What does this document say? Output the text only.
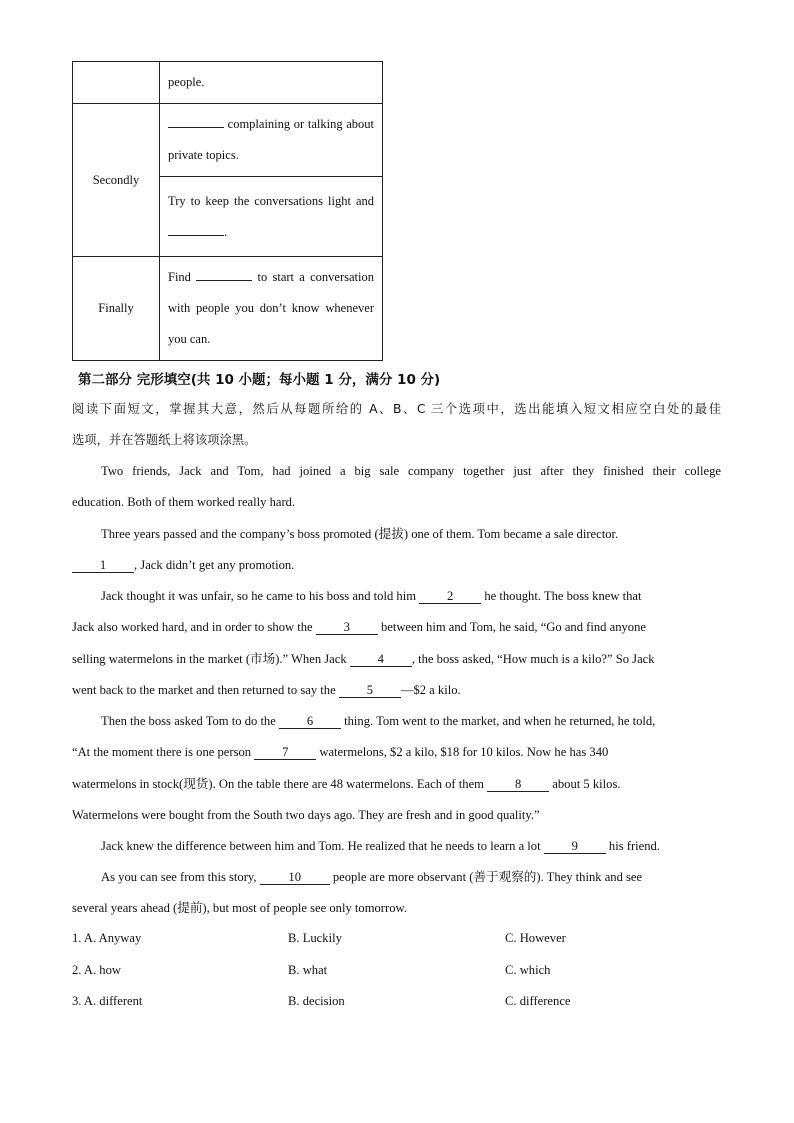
	people.
Secondly	complaining or talking about private topics.
	Try to keep the conversations light and .
Finally	Find to start a conversation with people you don’t know whenever you can.
第二部分 完形填空(共 10 小题；每小题 1 分，满分 10 分)
阅读下面短文，掌握其大意，然后从每题所给的 A、B、C 三个选项中，选出能填入短文相应空白处的最佳
选项，并在答题纸上将该项涂黑。
Two friends, Jack and Tom, had joined a big sale company together just after they finished their college
education. Both of them worked really hard.
Three years passed and the company’s boss promoted (提拔) one of them. Tom became a sale director.
1 , Jack didn’t get any promotion.
Jack thought it was unfair, so he came to his boss and told him 2 he thought. The boss knew that
Jack also worked hard, and in order to show the 3 between him and Tom, he said, “Go and find anyone
selling watermelons in the market (市场).” When Jack 4 , the boss asked, “How much is a kilo?” So Jack
went back to the market and then returned to say the 5 —$2 a kilo.
Then the boss asked Tom to do the 6 thing. Tom went to the market, and when he returned, he told,
“At the moment there is one person 7 watermelons, $2 a kilo, $18 for 10 kilos. Now he has 340
watermelons in stock(现货). On the table there are 48 watermelons. Each of them 8 about 5 kilos.
Watermelons were bought from the South two days ago. They are fresh and in good quality.”
Jack knew the difference between him and Tom. He realized that he needs to learn a lot 9 his friend.
As you can see from this story,	10	people are more observant (善于观察的). They think and see
several years ahead (提前), but most of people see only tomorrow.
1. A. Anyway	B. Luckily	C. However
2. A. how	B. what	C. which
3. A. different	B. decision	C. difference
